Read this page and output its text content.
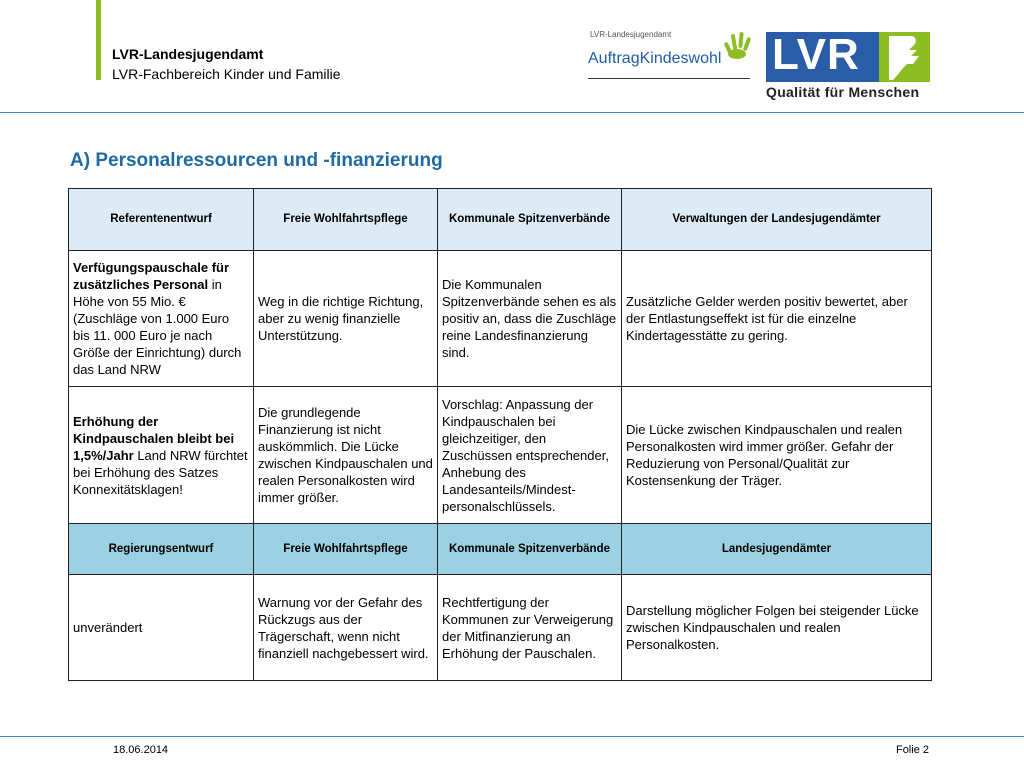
LVR-Landesjugendamt
LVR-Fachbereich Kinder und Familie
LVR-Landesjugendamt
AuftragKindeswohl LVR
Qualität für Menschen
A) Personalressourcen und -finanzierung
Referentenentwurf	Freie Wohlfahrtspflege	Kommunale Spitzenverbände	Verwaltungen der Landesjugendämter
Verfügungspauschale für zusätzliches Personal in Höhe von 55 Mio. € (Zuschläge von 1.000 Euro bis 11. 000 Euro je nach Größe der Einrichtung) durch das Land NRW	Weg in die richtige Richtung, aber zu wenig finanzielle Unterstützung.	Die Kommunalen Spitzenverbände sehen es als positiv an, dass die Zuschläge reine Landesfinanzierung sind.	Zusätzliche Gelder werden positiv bewertet, aber der Entlastungseffekt ist für die einzelne Kindertagesstätte zu gering.
Erhöhung der Kindpauschalen bleibt bei 1,5%/Jahr Land NRW fürchtet bei Erhöhung des Satzes Konnexitätsklagen!	Die grundlegende Finanzierung ist nicht auskömmlich. Die Lücke zwischen Kindpauschalen und realen Personalkosten wird immer größer.	Vorschlag: Anpassung der Kindpauschalen bei gleichzeitiger, den Zuschüssen entsprechender, Anhebung des Landesanteils/Mindest-personalschlüssels.	Die Lücke zwischen Kindpauschalen und realen Personalkosten wird immer größer. Gefahr der Reduzierung von Personal/Qualität zur Kostensenkung der Träger.
Regierungsentwurf	Freie Wohlfahrtspflege	Kommunale Spitzenverbände	Landesjugendämter
unverändert	Warnung vor der Gefahr des Rückzugs aus der Trägerschaft, wenn nicht finanziell nachgebessert wird.	Rechtfertigung der Kommunen zur Verweigerung der Mitfinanzierung an Erhöhung der Pauschalen.	Darstellung möglicher Folgen bei steigender Lücke zwischen Kindpauschalen und realen Personalkosten.
18.06.2014	Folie 2
